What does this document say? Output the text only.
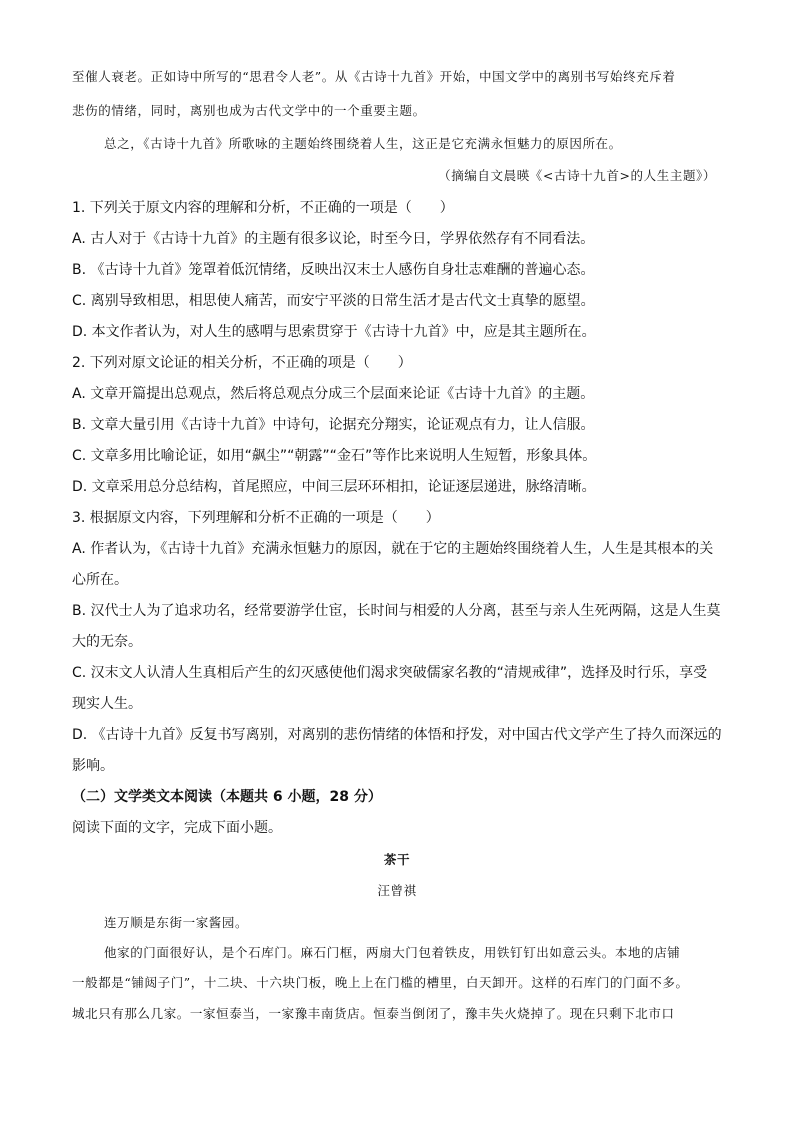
至催人衰老。正如诗中所写的“思君令人老”。从《古诗十九首》开始，中国文学中的离别书写始终充斥着
悲伤的情绪，同时，离别也成为古代文学中的一个重要主题。
总之，《古诗十九首》所歌咏的主题始终围绕着人生，这正是它充满永恒魅力的原因所在。
（摘编自文晨暎《<古诗十九首>的人生主题》）
1. 下列关于原文内容的理解和分析，不正确的一项是（　　）
A. 古人对于《古诗十九首》的主题有很多议论，时至今日，学界依然存有不同看法。
B. 《古诗十九首》笼罩着低沉情绪，反映出汉末士人感伤自身壮志难酬的普遍心态。
C. 离别导致相思，相思使人痛苦，而安宁平淡的日常生活才是古代文士真挚的愿望。
D. 本文作者认为，对人生的感喟与思索贯穿于《古诗十九首》中，应是其主题所在。
2. 下列对原文论证的相关分析，不正确的项是（　　）
A. 文章开篇提出总观点，然后将总观点分成三个层面来论证《古诗十九首》的主题。
B. 文章大量引用《古诗十九首》中诗句，论据充分翔实，论证观点有力，让人信服。
C. 文章多用比喻论证，如用“飙尘”“朝露”“金石”等作比来说明人生短暂，形象具体。
D. 文章采用总分总结构，首尾照应，中间三层环环相扣，论证逐层递进，脉络清晰。
3. 根据原文内容，下列理解和分析不正确的一项是（　　）
A. 作者认为，《古诗十九首》充满永恒魅力的原因，就在于它的主题始终围绕着人生，人生是其根本的关
心所在。
B. 汉代士人为了追求功名，经常要游学仕宦，长时间与相爱的人分离，甚至与亲人生死两隔，这是人生莫
大的无奈。
C. 汉末文人认清人生真相后产生的幻灭感使他们渴求突破儒家名教的“清规戒律”，选择及时行乐，享受
现实人生。
D. 《古诗十九首》反复书写离别，对离别的悲伤情绪的体悟和抒发，对中国古代文学产生了持久而深远的
影响。
（二）文学类文本阅读（本题共 6 小题，28 分）
阅读下面的文字，完成下面小题。
茶干
汪曾祺
连万顺是东街一家酱园。
他家的门面很好认，是个石库门。麻石门框，两扇大门包着铁皮，用铁钉钉出如意云头。本地的店铺
一般都是“铺闼子门”，十二块、十六块门板，晚上上在门槛的槽里，白天卸开。这样的石库门的门面不多。
城北只有那么几家。一家恒泰当，一家豫丰南货店。恒泰当倒闭了，豫丰失火烧掉了。现在只剩下北市口
